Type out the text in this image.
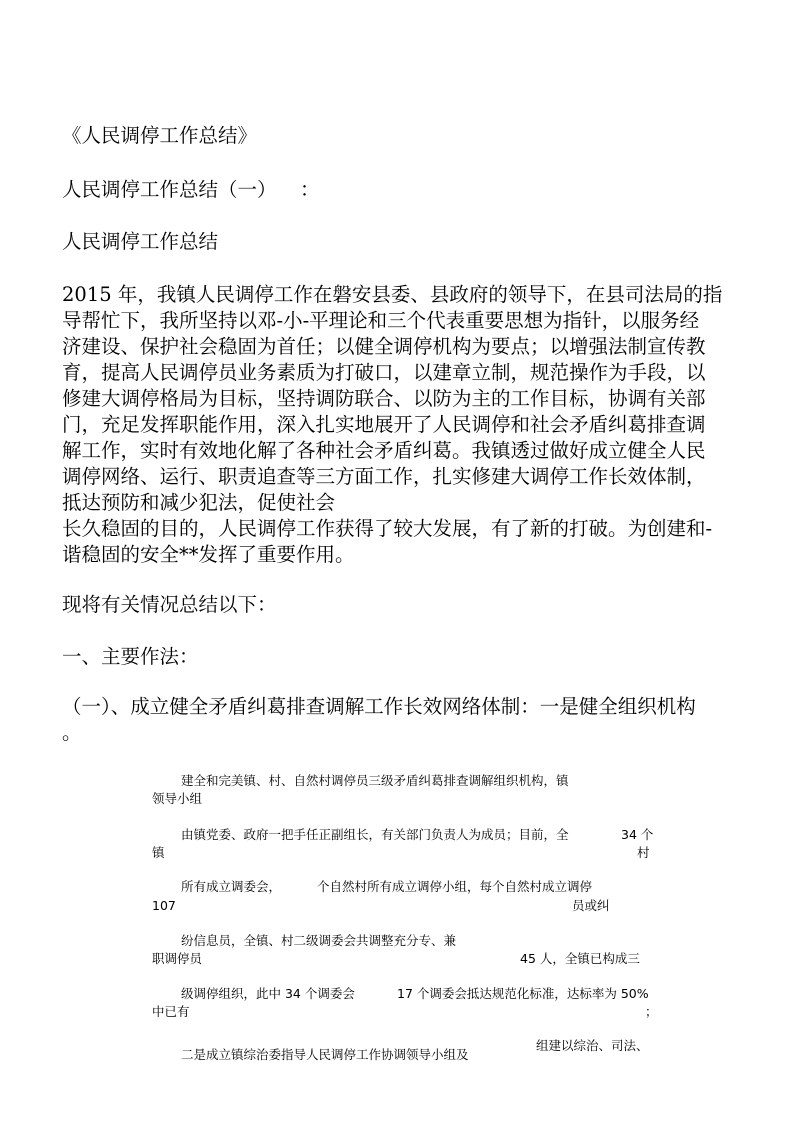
《人民调停工作总结》
人民调停工作总结（一） ：
人民调停工作总结
2015 年，我镇人民调停工作在磐安县委、县政府的领导下，在县司法局的指
导帮忙下，我所坚持以邓-小-平理论和三个代表重要思想为指针，以服务经
济建设、保护社会稳固为首任；以健全调停机构为要点；以增强法制宣传教
育，提高人民调停员业务素质为打破口，以建章立制，规范操作为手段，以
修建大调停格局为目标，坚持调防联合、以防为主的工作目标，协调有关部
门，充足发挥职能作用，深入扎实地展开了人民调停和社会矛盾纠葛排查调
解工作，实时有效地化解了各种社会矛盾纠葛。我镇透过做好成立健全人民
调停网络、运行、职责追查等三方面工作，扎实修建大调停工作长效体制，
抵达预防和减少犯法，促使社会
长久稳固的目的，人民调停工作获得了较大发展，有了新的打破。为创建和-
谐稳固的安全**发挥了重要作用。
现将有关情况总结以下：
一、主要作法：
（一）、成立健全矛盾纠葛排查调解工作长效网络体制：一是健全组织机构
。
建全和完美镇、村、自然村调停员三级矛盾纠葛排查调解组织机构，镇
领导小组
由镇党委、政府一把手任正副组长，有关部门负责人为成员；目前，全	34 个
镇	村
所有成立调委会，	个自然村所有成立调停小组，每个自然村成立调停
107	员或纠
纷信息员，全镇、村二级调委会共调整充分专、兼
职调停员	45 人，全镇已构成三
级调停组织，此中 34 个调委会	17 个调委会抵达规范化标准，达标率为 50%
中已有	；
组建以综治、司法、
二是成立镇综治委指导人民调停工作协调领导小组及
